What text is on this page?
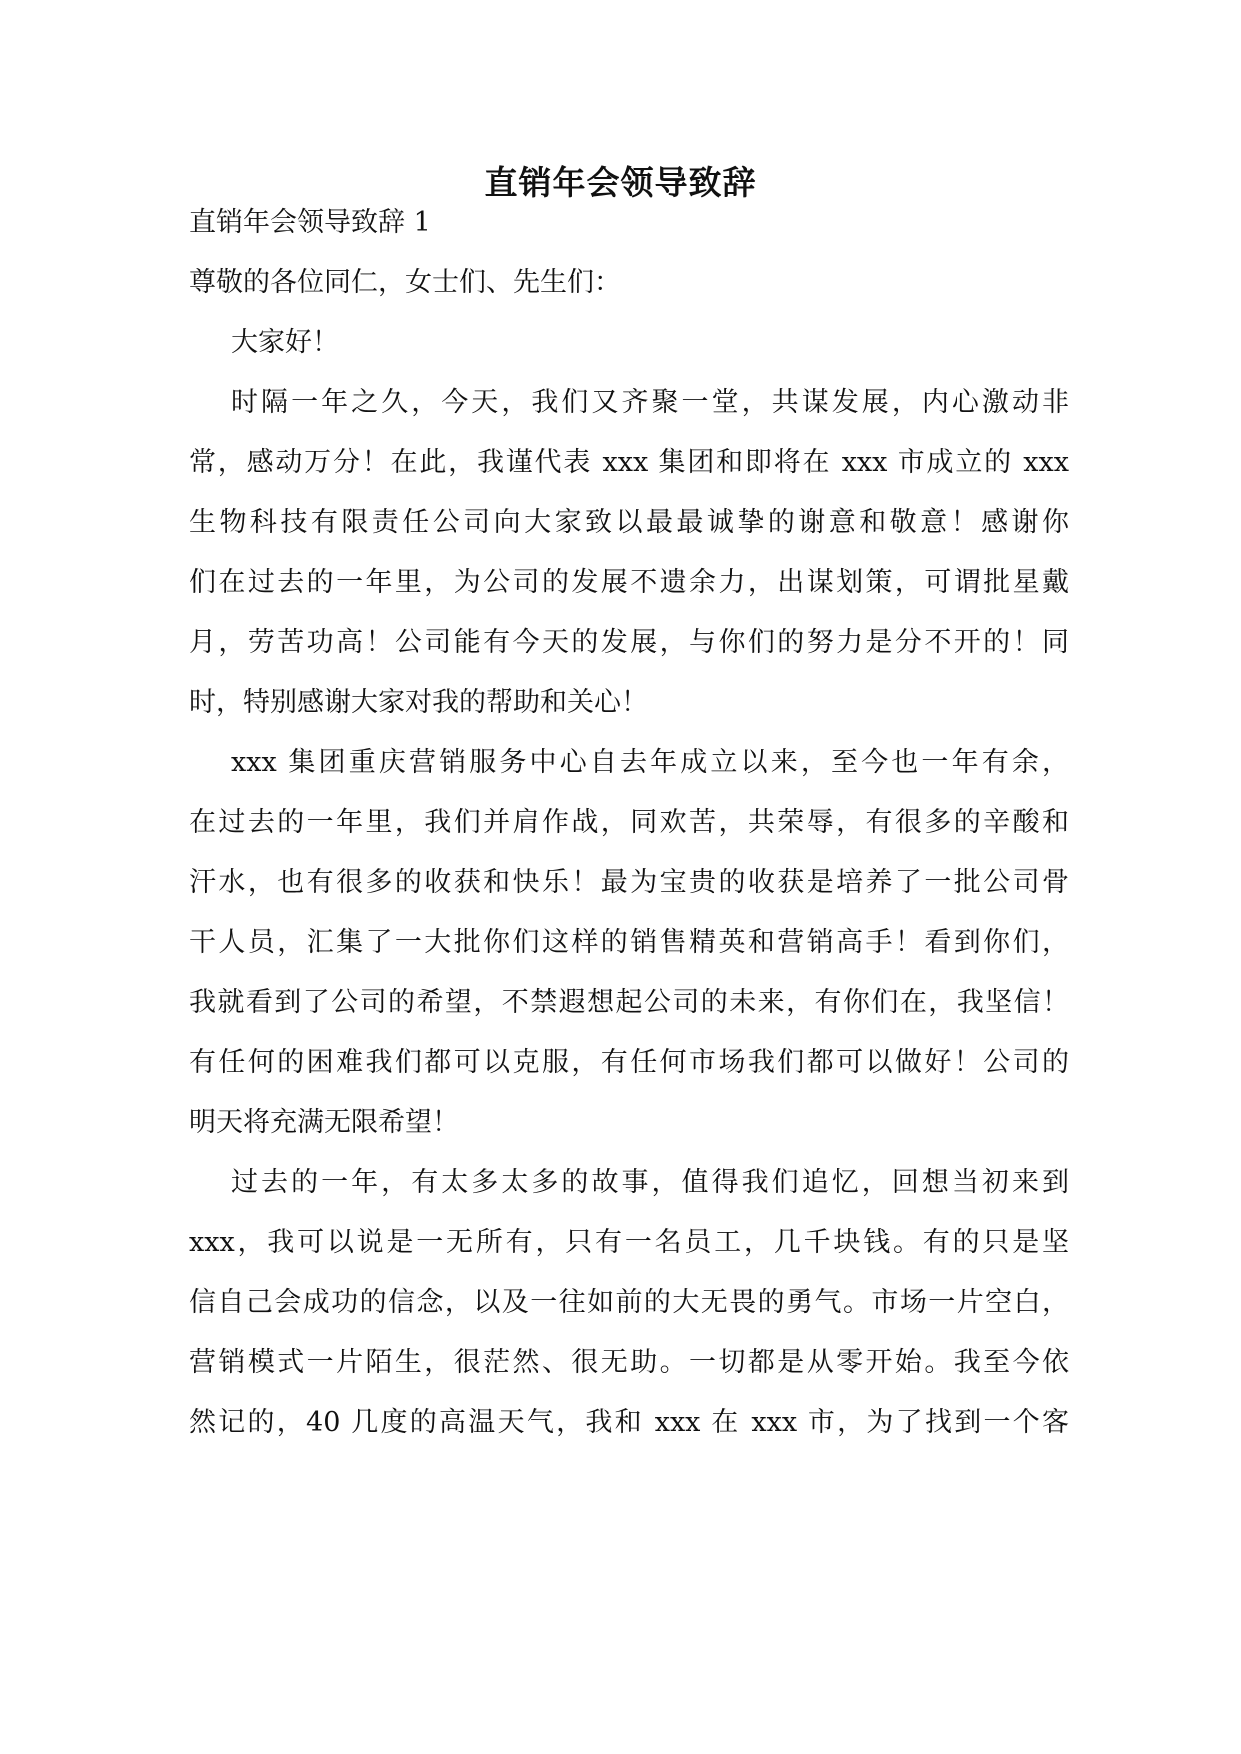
直销年会领导致辞
直销年会领导致辞 1
尊敬的各位同仁，女士们、先生们：
大家好！
时隔一年之久，今天，我们又齐聚一堂，共谋发展，内心激动非
常，感动万分！在此，我谨代表 xxx 集团和即将在 xxx 市成立的 xxx
生物科技有限责任公司向大家致以最最诚挚的谢意和敬意！感谢你
们在过去的一年里，为公司的发展不遗余力，出谋划策，可谓批星戴
月，劳苦功高！公司能有今天的发展，与你们的努力是分不开的！同
时，特别感谢大家对我的帮助和关心！
xxx 集团重庆营销服务中心自去年成立以来，至今也一年有余，
在过去的一年里，我们并肩作战，同欢苦，共荣辱，有很多的辛酸和
汗水，也有很多的收获和快乐！最为宝贵的收获是培养了一批公司骨
干人员，汇集了一大批你们这样的销售精英和营销高手！看到你们，
我就看到了公司的希望，不禁遐想起公司的未来，有你们在，我坚信！
有任何的困难我们都可以克服，有任何市场我们都可以做好！公司的
明天将充满无限希望！
过去的一年，有太多太多的故事，值得我们追忆，回想当初来到
xxx，我可以说是一无所有，只有一名员工，几千块钱。有的只是坚
信自己会成功的信念，以及一往如前的大无畏的勇气。市场一片空白，
营销模式一片陌生，很茫然、很无助。一切都是从零开始。我至今依
然记的，40 几度的高温天气，我和 xxx 在 xxx 市，为了找到一个客
